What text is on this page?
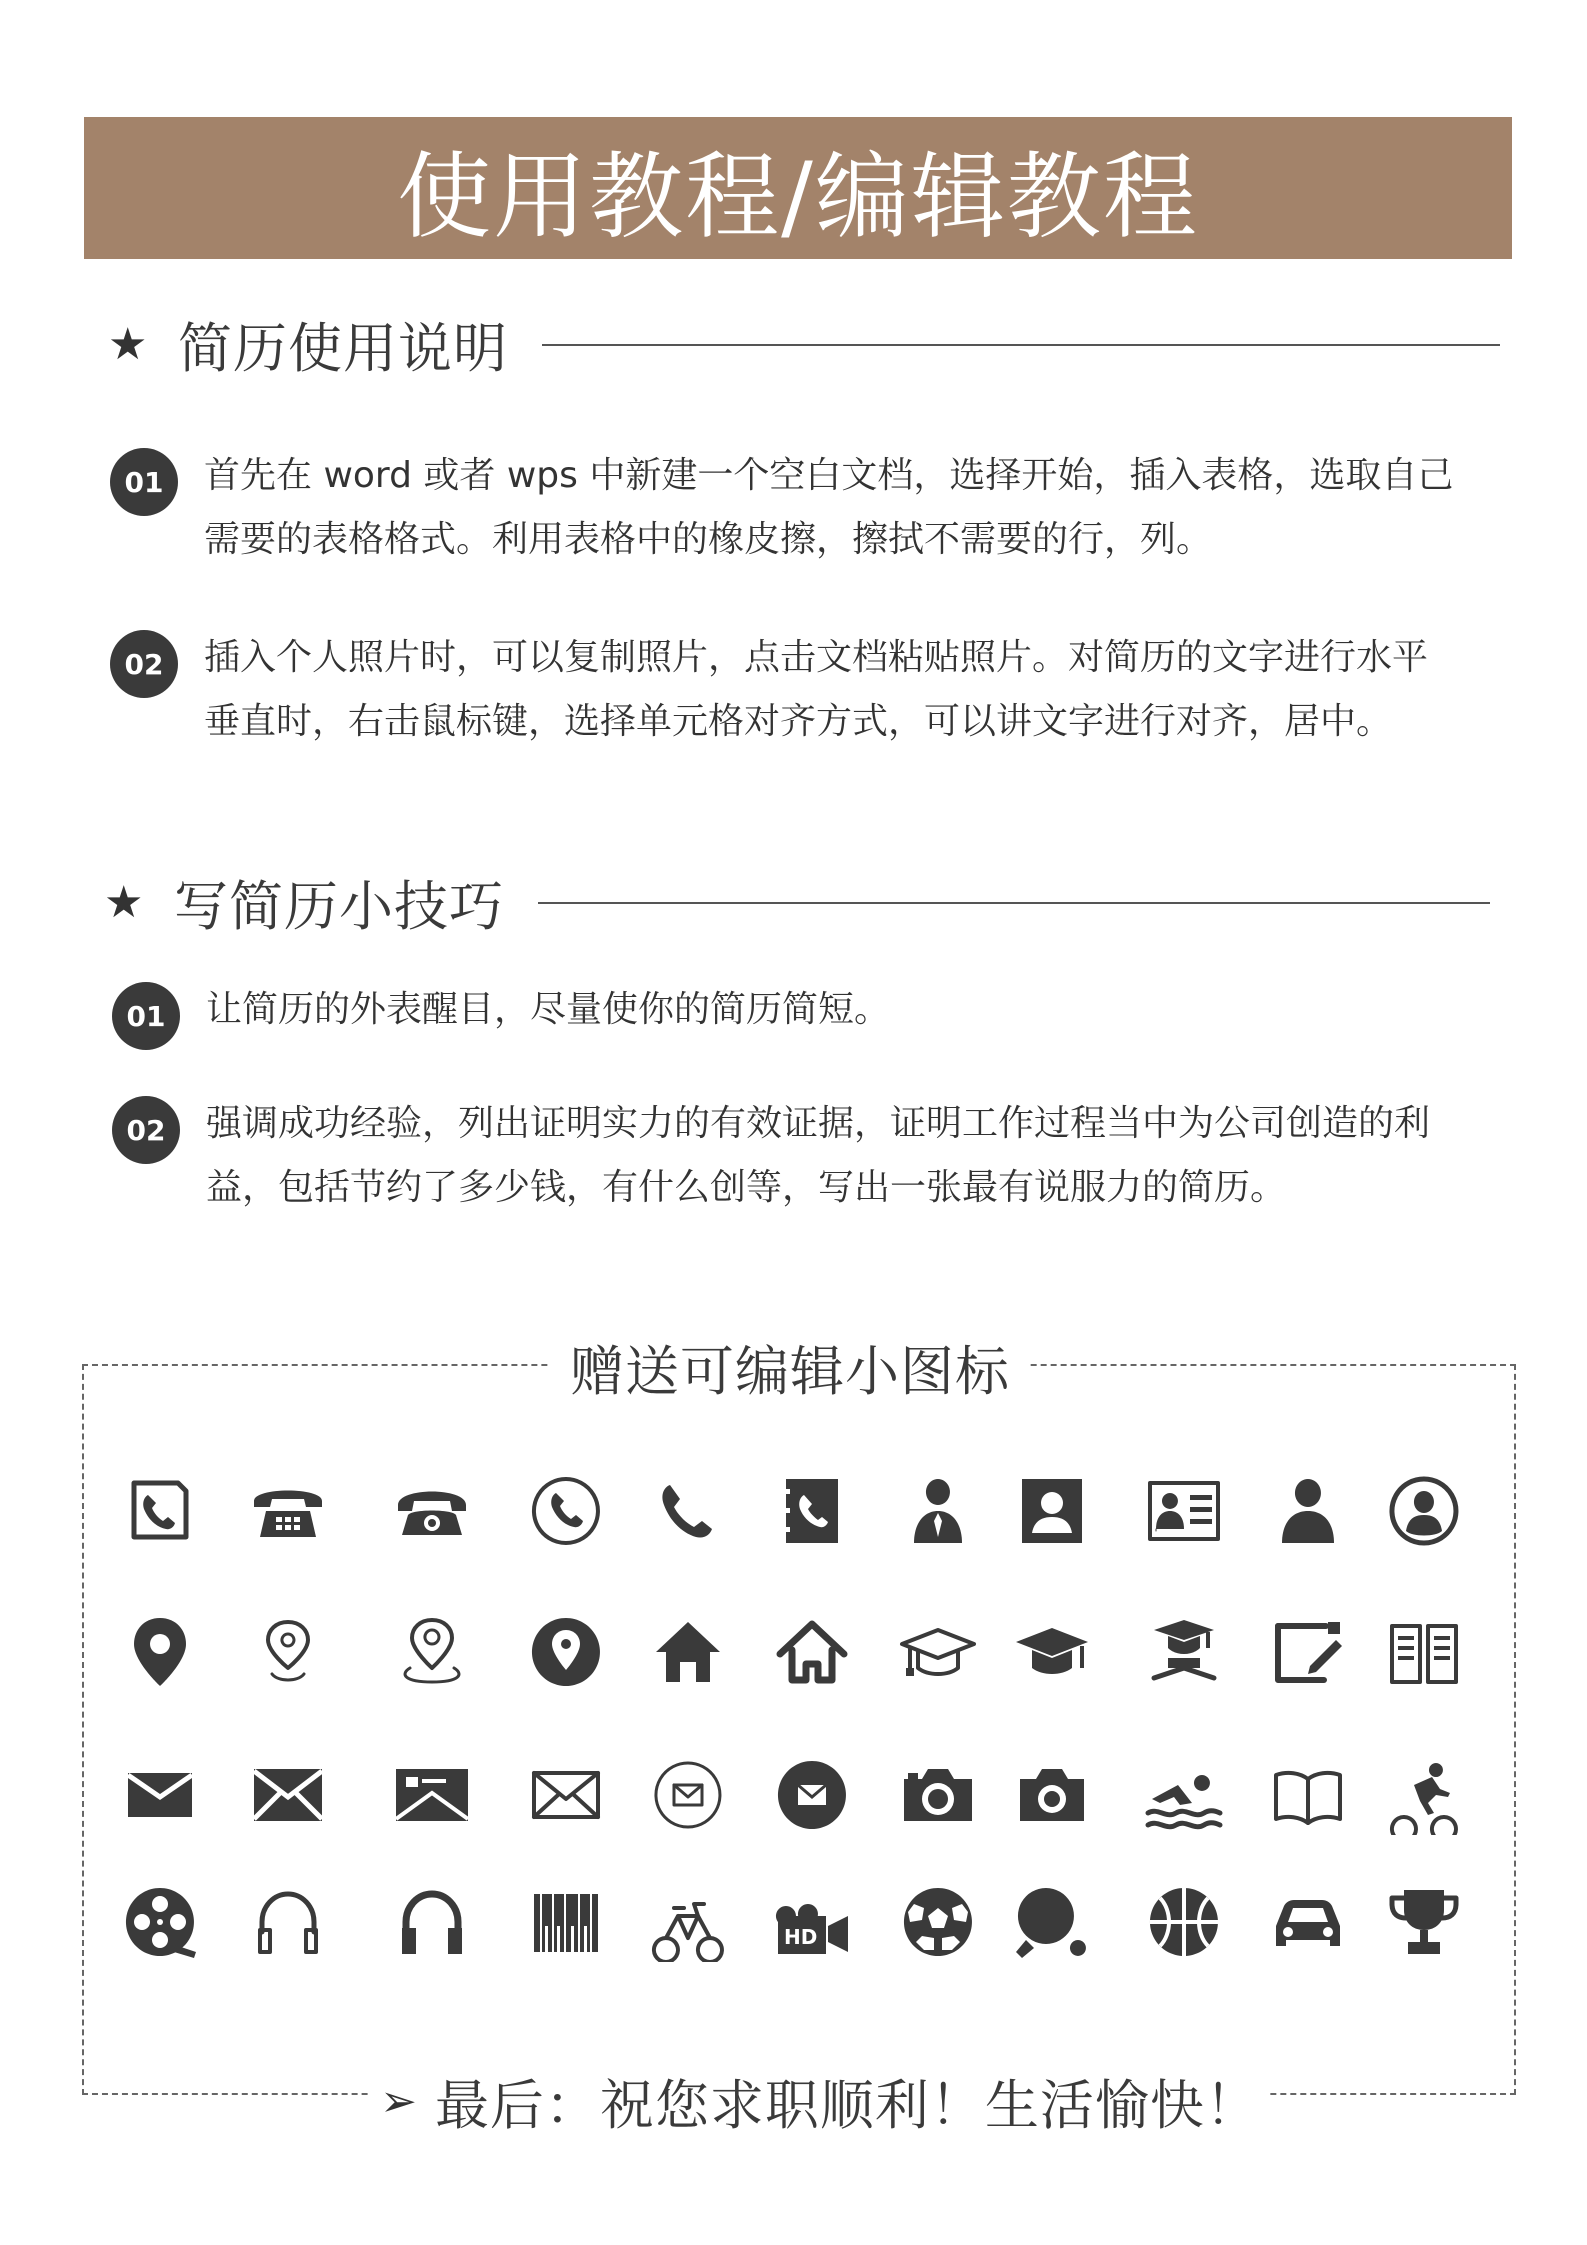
使用教程/编辑教程
★ 简历使用说明
01	首先在 word 或者 wps 中新建一个空白文档，选择开始，插入表格，选取自己
需要的表格格式。利用表格中的橡皮擦，擦拭不需要的行，列。
02	插入个人照片时，可以复制照片，点击文档粘贴照片。对简历的文字进行水平
垂直时，右击鼠标键，选择单元格对齐方式，可以讲文字进行对齐，居中。
★ 写简历小技巧
01	让简历的外表醒目，尽量使你的简历简短。
02	强调成功经验，列出证明实力的有效证据，证明工作过程当中为公司创造的利
益，包括节约了多少钱，有什么创等，写出一张最有说服力的简历。
赠送可编辑小图标
HD
➢ 最后：祝您求职顺利！生活愉快！
